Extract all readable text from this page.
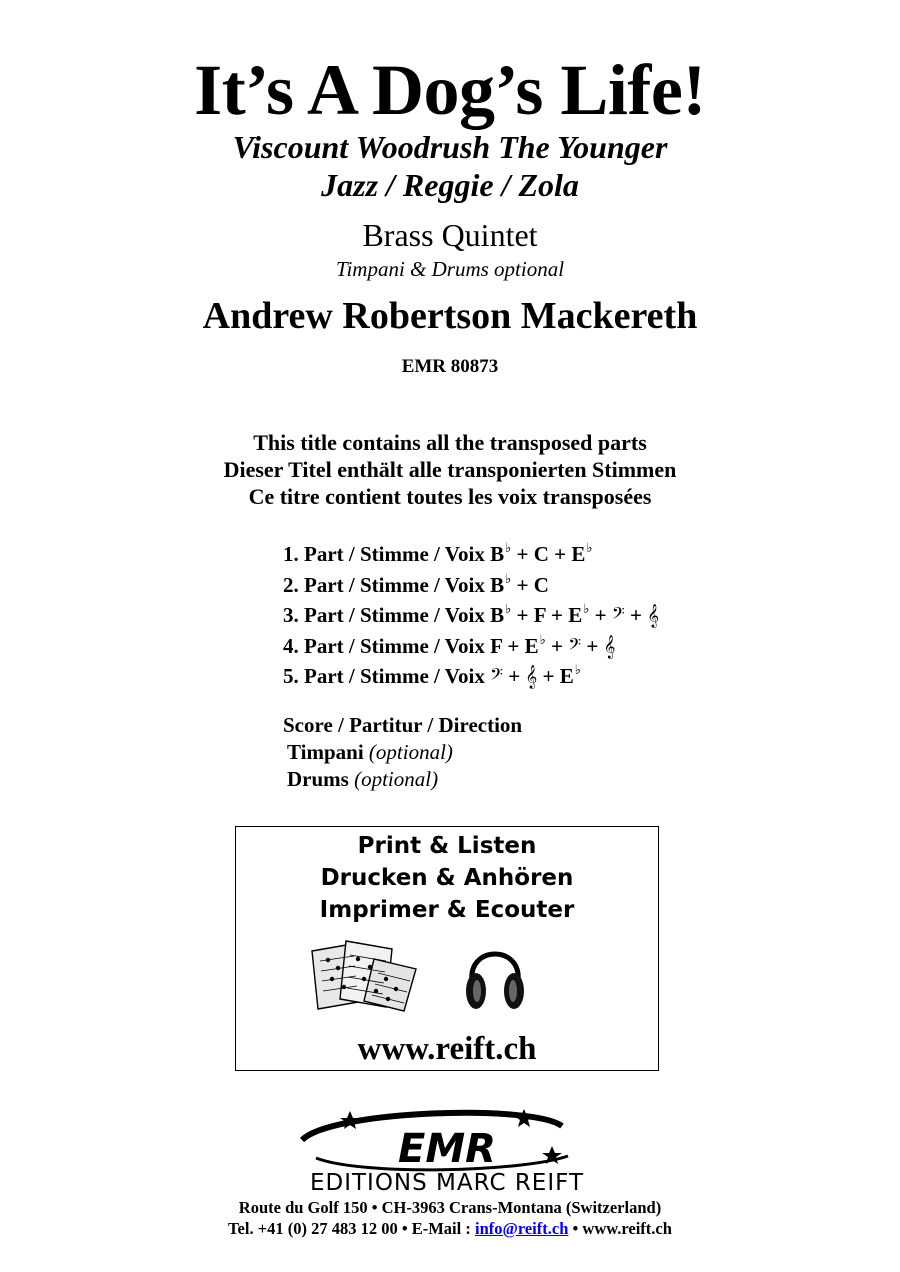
It’s A Dog’s Life!
Viscount Woodrush The Younger
Jazz / Reggie / Zola
Brass Quintet
Timpani & Drums optional
Andrew Robertson Mackereth
EMR 80873
This title contains all the transposed parts
Dieser Titel enthält alle transponierten Stimmen
Ce titre contient toutes les voix transposées
1. Part / Stimme / Voix B♭ + C + E♭
2. Part / Stimme / Voix B♭ + C
3. Part / Stimme / Voix B♭ + F + E♭ + 𝄢 + 𝄞
4. Part / Stimme / Voix F + E♭ + 𝄢 + 𝄞
5. Part / Stimme / Voix 𝄢 + 𝄞 + E♭
Score / Partitur / Direction
Timpani (optional)
Drums (optional)
Print & Listen
Drucken & Anhören
Imprimer & Ecouter
www.reift.ch
EMR
EDITIONS MARC REIFT
Route du Golf 150 • CH-3963 Crans-Montana (Switzerland)
Tel. +41 (0) 27 483 12 00 • E-Mail : info@reift.ch • www.reift.ch
